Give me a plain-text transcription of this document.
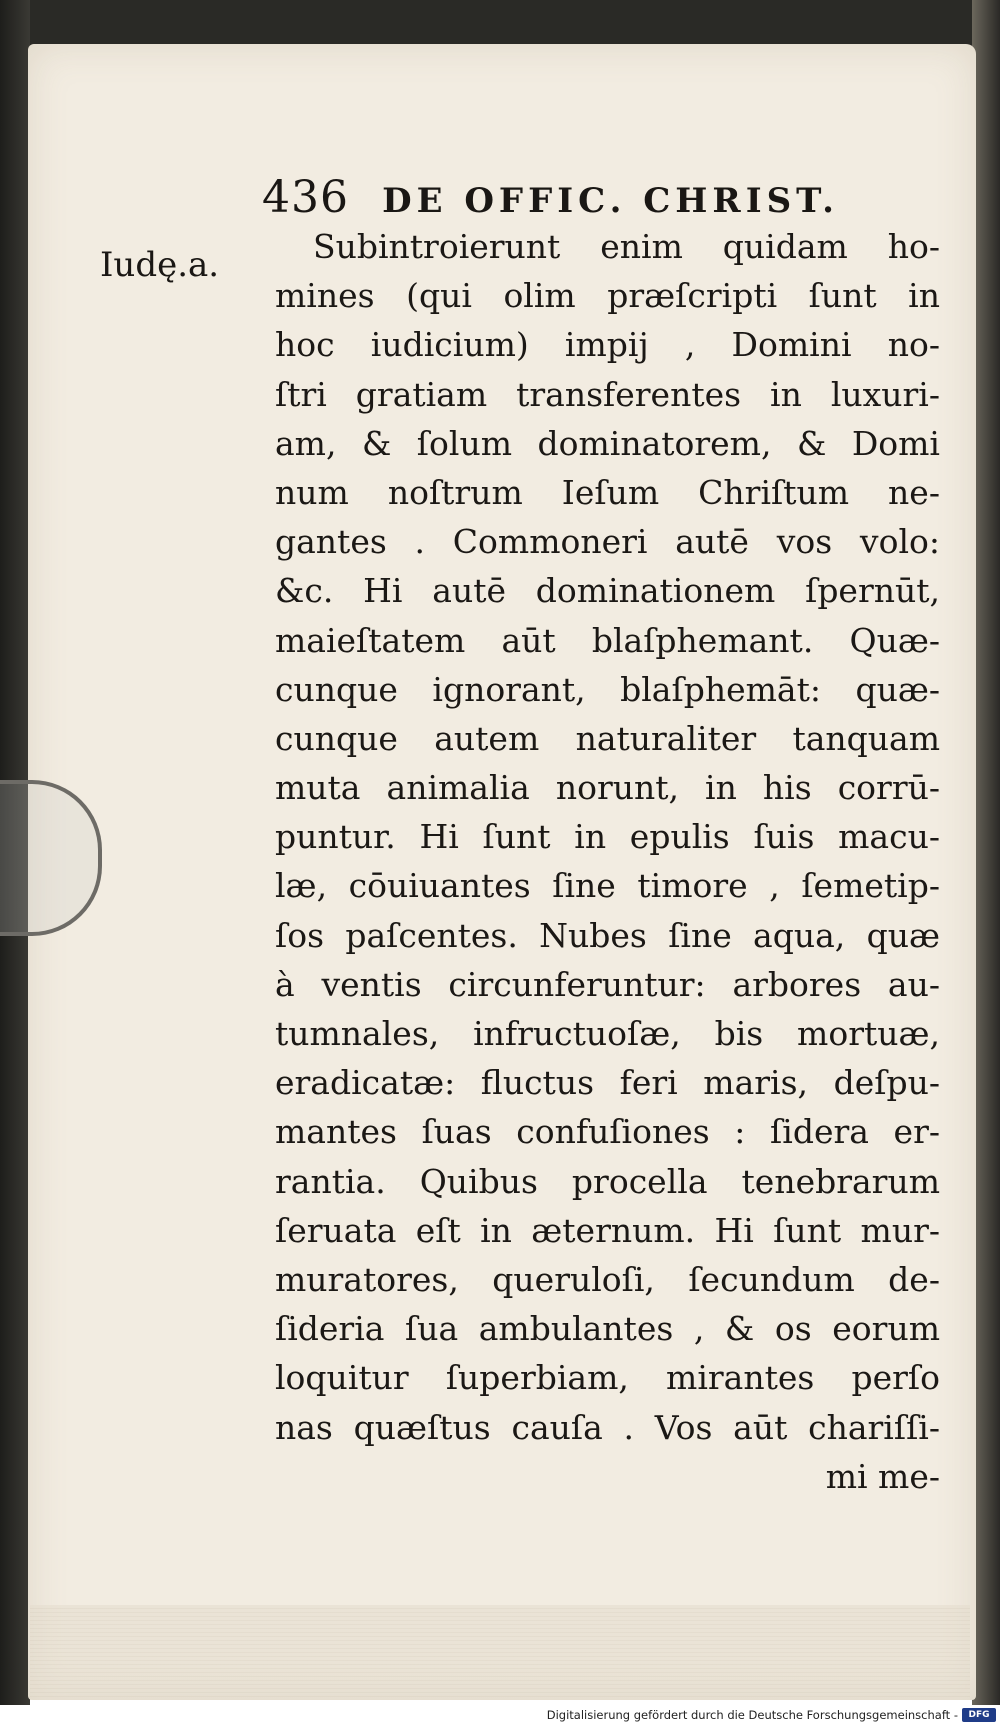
436 DE OFFIC. CHRIST.
Iudę.a.	Subintroierunt enim quidam ho-
mines (qui olim præſcripti ſunt in
hoc iudicium) impij , Domini no-
ſtri gratiam transferentes in luxuri-
am, & ſolum dominatorem, & Domi
num noſtrum Ieſum Chriſtum ne-
gantes . Commoneri autē vos volo:
&c. Hi autē dominationem ſpernūt,
maieſtatem aūt blaſphemant. Quæ-
cunque ignorant, blaſphemāt: quæ-
cunque autem naturaliter tanquam
muta animalia norunt, in his corrū-
puntur. Hi ſunt in epulis ſuis macu-
læ, cōuiuantes ſine timore , ſemetip-
ſos paſcentes. Nubes ſine aqua, quæ
à ventis circunferuntur: arbores au-
tumnales, infructuoſæ, bis mortuæ,
eradicatæ: fluctus feri maris, deſpu-
mantes ſuas confuſiones : ſidera er-
rantia. Quibus procella tenebrarum
ſeruata eſt in æternum. Hi ſunt mur-
muratores, queruloſi, ſecundum de-
ſideria ſua ambulantes , & os eorum
loquitur ſuperbiam, mirantes perſo
nas quæſtus cauſa . Vos aūt chariſſi-
mi me-
Digitalisierung gefördert durch die Deutsche Forschungsgemeinschaft -	DFG
